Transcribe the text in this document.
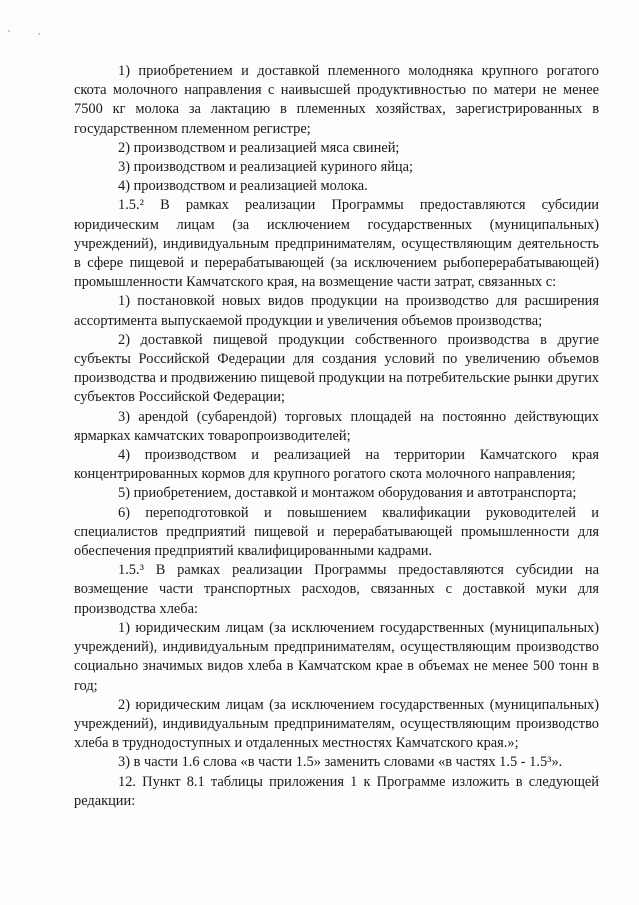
1) приобретением и доставкой племенного молодняка крупного рогатого скота молочного направления с наивысшей продуктивностью по матери не менее 7500 кг молока за лактацию в племенных хозяйствах, зарегистрированных в государственном племенном регистре;

2) производством и реализацией мяса свиней;

3) производством и реализацией куриного яйца;

4) производством и реализацией молока.

1.5.² В рамках реализации Программы предоставляются субсидии юридическим лицам (за исключением государственных (муниципальных) учреждений), индивидуальным предпринимателям, осуществляющим деятельность в сфере пищевой и перерабатывающей (за исключением рыбоперерабатывающей) промышленности Камчатского края, на возмещение части затрат, связанных с:

1) постановкой новых видов продукции на производство для расширения ассортимента выпускаемой продукции и увеличения объемов производства;

2) доставкой пищевой продукции собственного производства в другие субъекты Российской Федерации для создания условий по увеличению объемов производства и продвижению пищевой продукции на потребительские рынки других субъектов Российской Федерации;

3) арендой (субарендой) торговых площадей на постоянно действующих ярмарках камчатских товаропроизводителей;

4) производством и реализацией на территории Камчатского края концентрированных кормов для крупного рогатого скота молочного направления;

5) приобретением, доставкой и монтажом оборудования и автотранспорта;

6) переподготовкой и повышением квалификации руководителей и специалистов предприятий пищевой и перерабатывающей промышленности для обеспечения предприятий квалифицированными кадрами.

1.5.³ В рамках реализации Программы предоставляются субсидии на возмещение части транспортных расходов, связанных с доставкой муки для производства хлеба:

1) юридическим лицам (за исключением государственных (муниципальных) учреждений), индивидуальным предпринимателям, осуществляющим производство социально значимых видов хлеба в Камчатском крае в объемах не менее 500 тонн в год;

2) юридическим лицам (за исключением государственных (муниципальных) учреждений), индивидуальным предпринимателям, осуществляющим производство хлеба в труднодоступных и отдаленных местностях Камчатского края.»;

3) в части 1.6 слова «в части 1.5» заменить словами «в частях 1.5 - 1.5³».

12. Пункт 8.1 таблицы приложения 1 к Программе изложить в следующей редакции:
